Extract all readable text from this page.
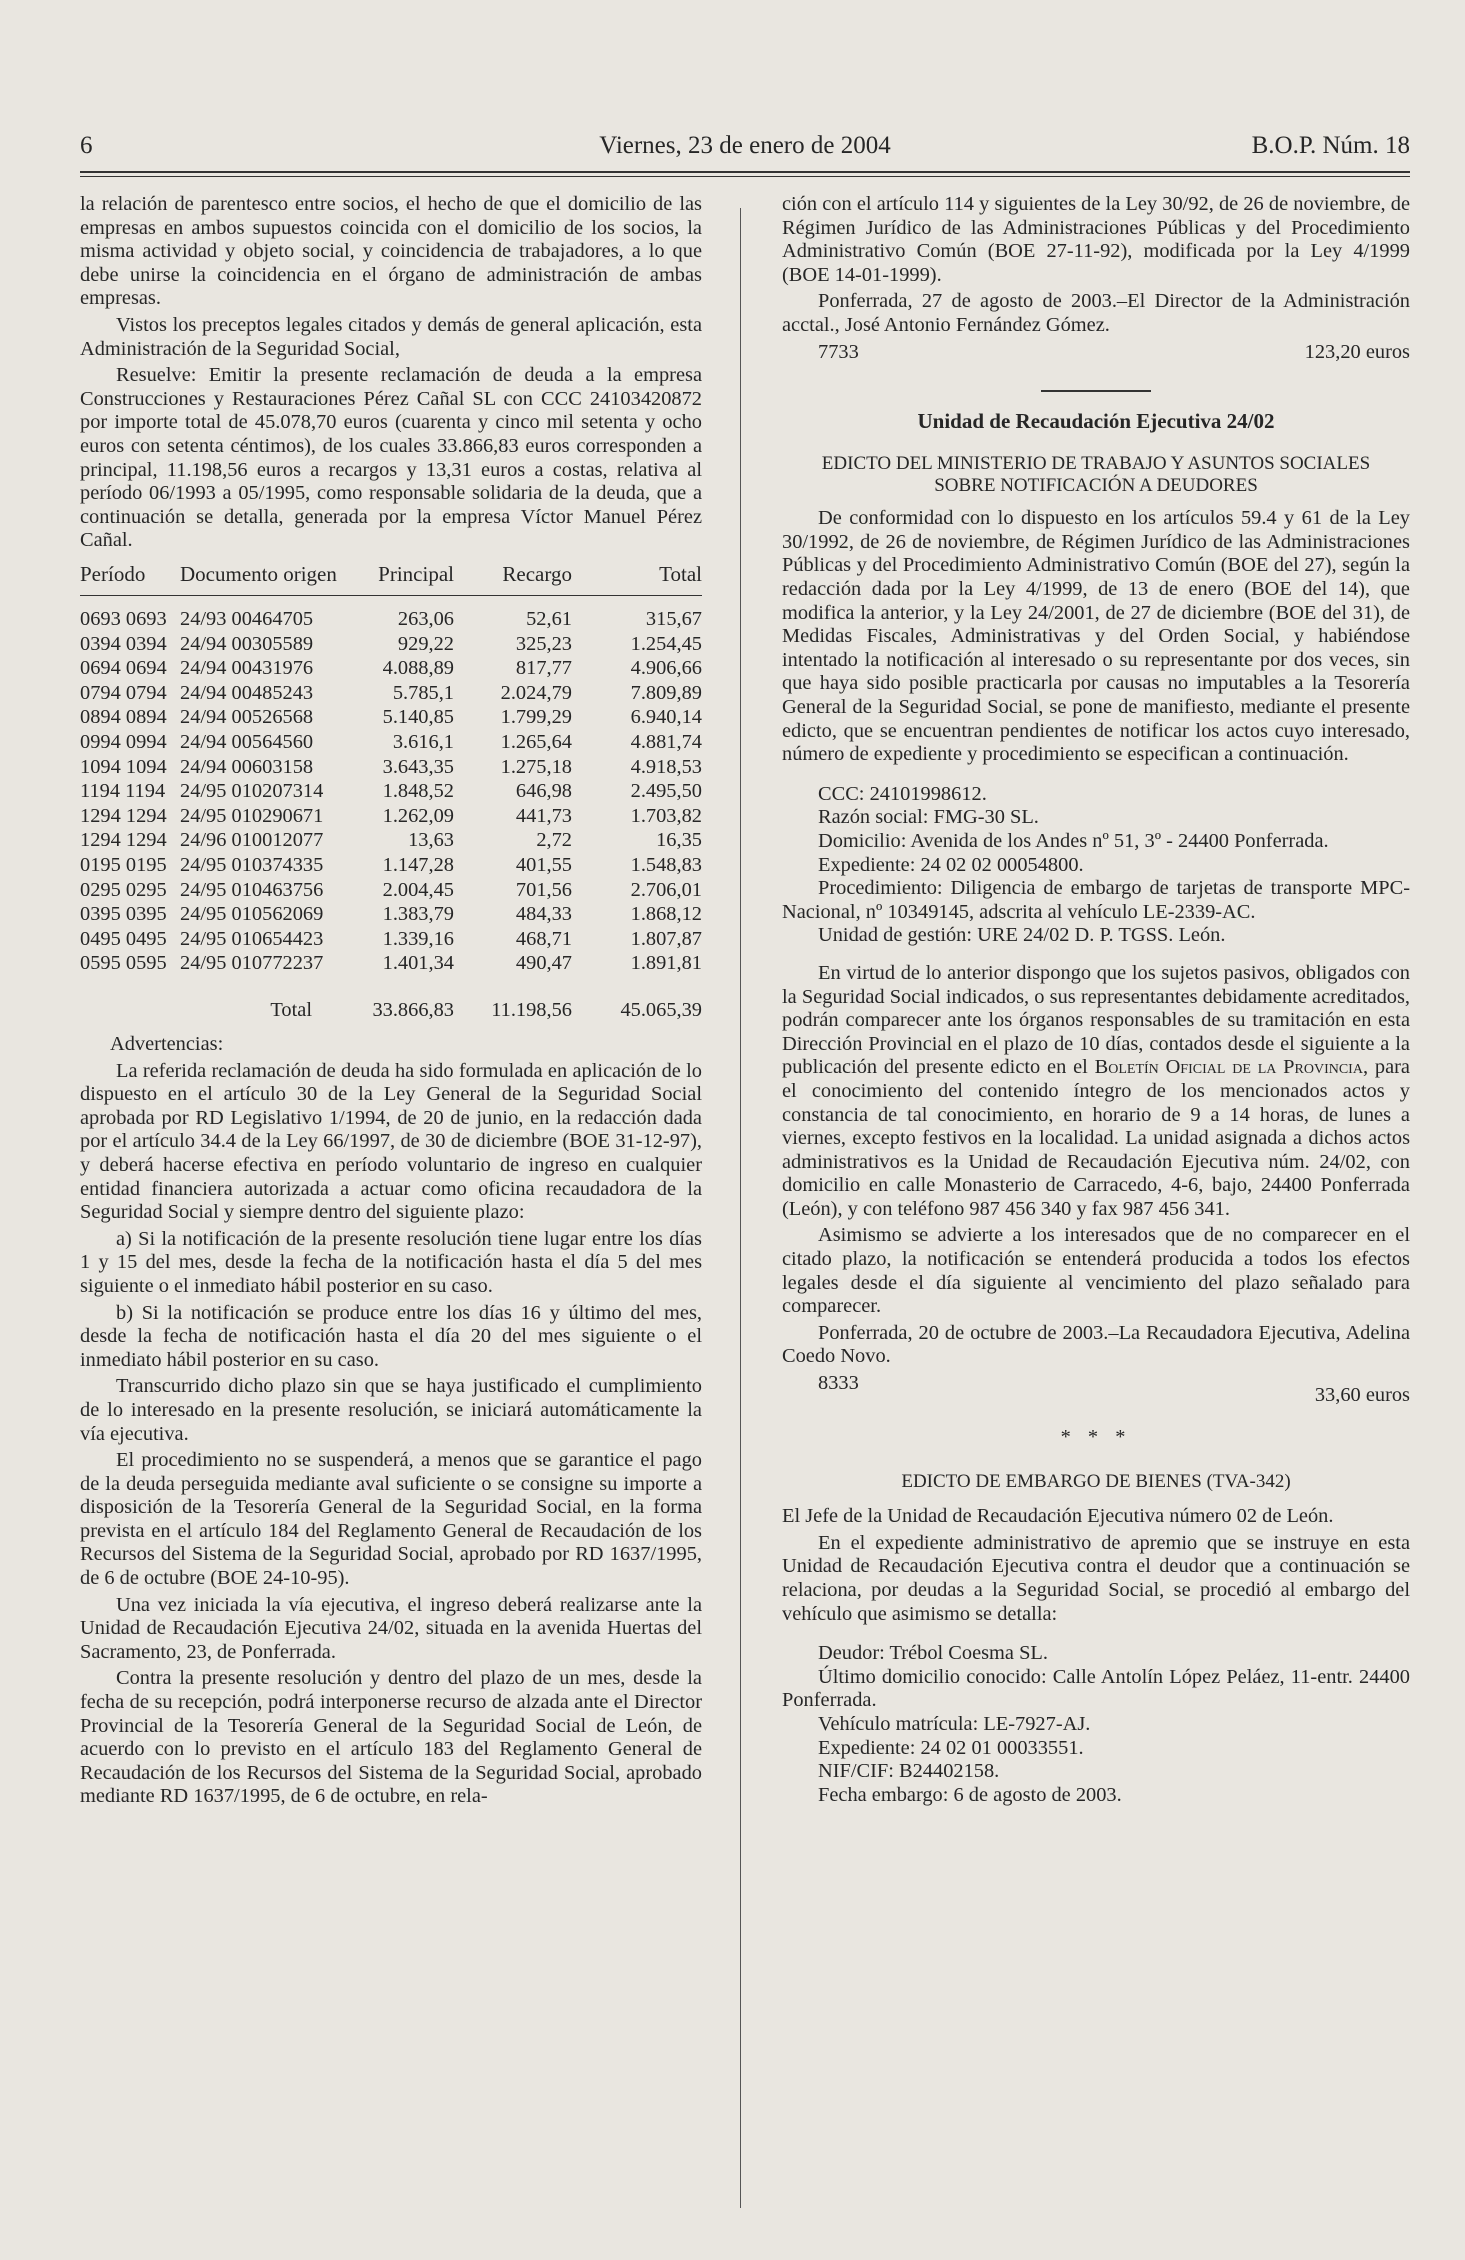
6	Viernes, 23 de enero de 2004	B.O.P. Núm. 18

la relación de parentesco entre socios, el hecho de que el domicilio de las empresas en ambos supuestos coincida con el domicilio de los socios, la misma actividad y objeto social, y coincidencia de trabajadores, a lo que debe unirse la coincidencia en el órgano de administración de ambas empresas.

Vistos los preceptos legales citados y demás de general aplicación, esta Administración de la Seguridad Social,

Resuelve: Emitir la presente reclamación de deuda a la empresa Construcciones y Restauraciones Pérez Cañal SL con CCC 24103420872 por importe total de 45.078,70 euros (cuarenta y cinco mil setenta y ocho euros con setenta céntimos), de los cuales 33.866,83 euros corresponden a principal, 11.198,56 euros a recargos y 13,31 euros a costas, relativa al período 06/1993 a 05/1995, como responsable solidaria de la deuda, que a continuación se detalla, generada por la empresa Víctor Manuel Pérez Cañal.

Período	Documento origen	Principal	Recargo	Total
0693 0693	24/93 00464705	263,06	52,61	315,67
0394 0394	24/94 00305589	929,22	325,23	1.254,45
0694 0694	24/94 00431976	4.088,89	817,77	4.906,66
0794 0794	24/94 00485243	5.785,1	2.024,79	7.809,89
0894 0894	24/94 00526568	5.140,85	1.799,29	6.940,14
0994 0994	24/94 00564560	3.616,1	1.265,64	4.881,74
1094 1094	24/94 00603158	3.643,35	1.275,18	4.918,53
1194 1194	24/95 010207314	1.848,52	646,98	2.495,50
1294 1294	24/95 010290671	1.262,09	441,73	1.703,82
1294 1294	24/96 010012077	13,63	2,72	16,35
0195 0195	24/95 010374335	1.147,28	401,55	1.548,83
0295 0295	24/95 010463756	2.004,45	701,56	2.706,01
0395 0395	24/95 010562069	1.383,79	484,33	1.868,12
0495 0495	24/95 010654423	1.339,16	468,71	1.807,87
0595 0595	24/95 010772237	1.401,34	490,47	1.891,81
	Total	33.866,83	11.198,56	45.065,39

Advertencias:

La referida reclamación de deuda ha sido formulada en aplicación de lo dispuesto en el artículo 30 de la Ley General de la Seguridad Social aprobada por RD Legislativo 1/1994, de 20 de junio, en la redacción dada por el artículo 34.4 de la Ley 66/1997, de 30 de diciembre (BOE 31-12-97), y deberá hacerse efectiva en período voluntario de ingreso en cualquier entidad financiera autorizada a actuar como oficina recaudadora de la Seguridad Social y siempre dentro del siguiente plazo:

a) Si la notificación de la presente resolución tiene lugar entre los días 1 y 15 del mes, desde la fecha de la notificación hasta el día 5 del mes siguiente o el inmediato hábil posterior en su caso.

b) Si la notificación se produce entre los días 16 y último del mes, desde la fecha de notificación hasta el día 20 del mes siguiente o el inmediato hábil posterior en su caso.

Transcurrido dicho plazo sin que se haya justificado el cumplimiento de lo interesado en la presente resolución, se iniciará automáticamente la vía ejecutiva.

El procedimiento no se suspenderá, a menos que se garantice el pago de la deuda perseguida mediante aval suficiente o se consigne su importe a disposición de la Tesorería General de la Seguridad Social, en la forma prevista en el artículo 184 del Reglamento General de Recaudación de los Recursos del Sistema de la Seguridad Social, aprobado por RD 1637/1995, de 6 de octubre (BOE 24-10-95).

Una vez iniciada la vía ejecutiva, el ingreso deberá realizarse ante la Unidad de Recaudación Ejecutiva 24/02, situada en la avenida Huertas del Sacramento, 23, de Ponferrada.

Contra la presente resolución y dentro del plazo de un mes, desde la fecha de su recepción, podrá interponerse recurso de alzada ante el Director Provincial de la Tesorería General de la Seguridad Social de León, de acuerdo con lo previsto en el artículo 183 del Reglamento General de Recaudación de los Recursos del Sistema de la Seguridad Social, aprobado mediante RD 1637/1995, de 6 de octubre, en rela-

ción con el artículo 114 y siguientes de la Ley 30/92, de 26 de noviembre, de Régimen Jurídico de las Administraciones Públicas y del Procedimiento Administrativo Común (BOE 27-11-92), modificada por la Ley 4/1999 (BOE 14-01-1999).

Ponferrada, 27 de agosto de 2003.–El Director de la Administración acctal., José Antonio Fernández Gómez.

7733	123,20 euros
Unidad de Recaudación Ejecutiva 24/02
EDICTO DEL MINISTERIO DE TRABAJO Y ASUNTOS SOCIALES
SOBRE NOTIFICACIÓN A DEUDORES

De conformidad con lo dispuesto en los artículos 59.4 y 61 de la Ley 30/1992, de 26 de noviembre, de Régimen Jurídico de las Administraciones Públicas y del Procedimiento Administrativo Común (BOE del 27), según la redacción dada por la Ley 4/1999, de 13 de enero (BOE del 14), que modifica la anterior, y la Ley 24/2001, de 27 de diciembre (BOE del 31), de Medidas Fiscales, Administrativas y del Orden Social, y habiéndose intentado la notificación al interesado o su representante por dos veces, sin que haya sido posible practicarla por causas no imputables a la Tesorería General de la Seguridad Social, se pone de manifiesto, mediante el presente edicto, que se encuentran pendientes de notificar los actos cuyo interesado, número de expediente y procedimiento se especifican a continuación.

CCC: 24101998612.

Razón social: FMG-30 SL.

Domicilio: Avenida de los Andes nº 51, 3º - 24400 Ponferrada.

Expediente: 24 02 02 00054800.

Procedimiento: Diligencia de embargo de tarjetas de transporte MPC-Nacional, nº 10349145, adscrita al vehículo LE-2339-AC.

Unidad de gestión: URE 24/02 D. P. TGSS. León.

En virtud de lo anterior dispongo que los sujetos pasivos, obligados con la Seguridad Social indicados, o sus representantes debidamente acreditados, podrán comparecer ante los órganos responsables de su tramitación en esta Dirección Provincial en el plazo de 10 días, contados desde el siguiente a la publicación del presente edicto en el Boletín Oficial de la Provincia, para el conocimiento del contenido íntegro de los mencionados actos y constancia de tal conocimiento, en horario de 9 a 14 horas, de lunes a viernes, excepto festivos en la localidad. La unidad asignada a dichos actos administrativos es la Unidad de Recaudación Ejecutiva núm. 24/02, con domicilio en calle Monasterio de Carracedo, 4-6, bajo, 24400 Ponferrada (León), y con teléfono 987 456 340 y fax 987 456 341.

Asimismo se advierte a los interesados que de no comparecer en el citado plazo, la notificación se entenderá producida a todos los efectos legales desde el día siguiente al vencimiento del plazo señalado para comparecer.

Ponferrada, 20 de octubre de 2003.–La Recaudadora Ejecutiva, Adelina Coedo Novo.

8333
33,60 euros
* * *
EDICTO DE EMBARGO DE BIENES (TVA-342)

El Jefe de la Unidad de Recaudación Ejecutiva número 02 de León.

En el expediente administrativo de apremio que se instruye en esta Unidad de Recaudación Ejecutiva contra el deudor que a continuación se relaciona, por deudas a la Seguridad Social, se procedió al embargo del vehículo que asimismo se detalla:

Deudor: Trébol Coesma SL.

Último domicilio conocido: Calle Antolín López Peláez, 11-entr. 24400 Ponferrada.

Vehículo matrícula: LE-7927-AJ.

Expediente: 24 02 01 00033551.

NIF/CIF: B24402158.

Fecha embargo: 6 de agosto de 2003.
